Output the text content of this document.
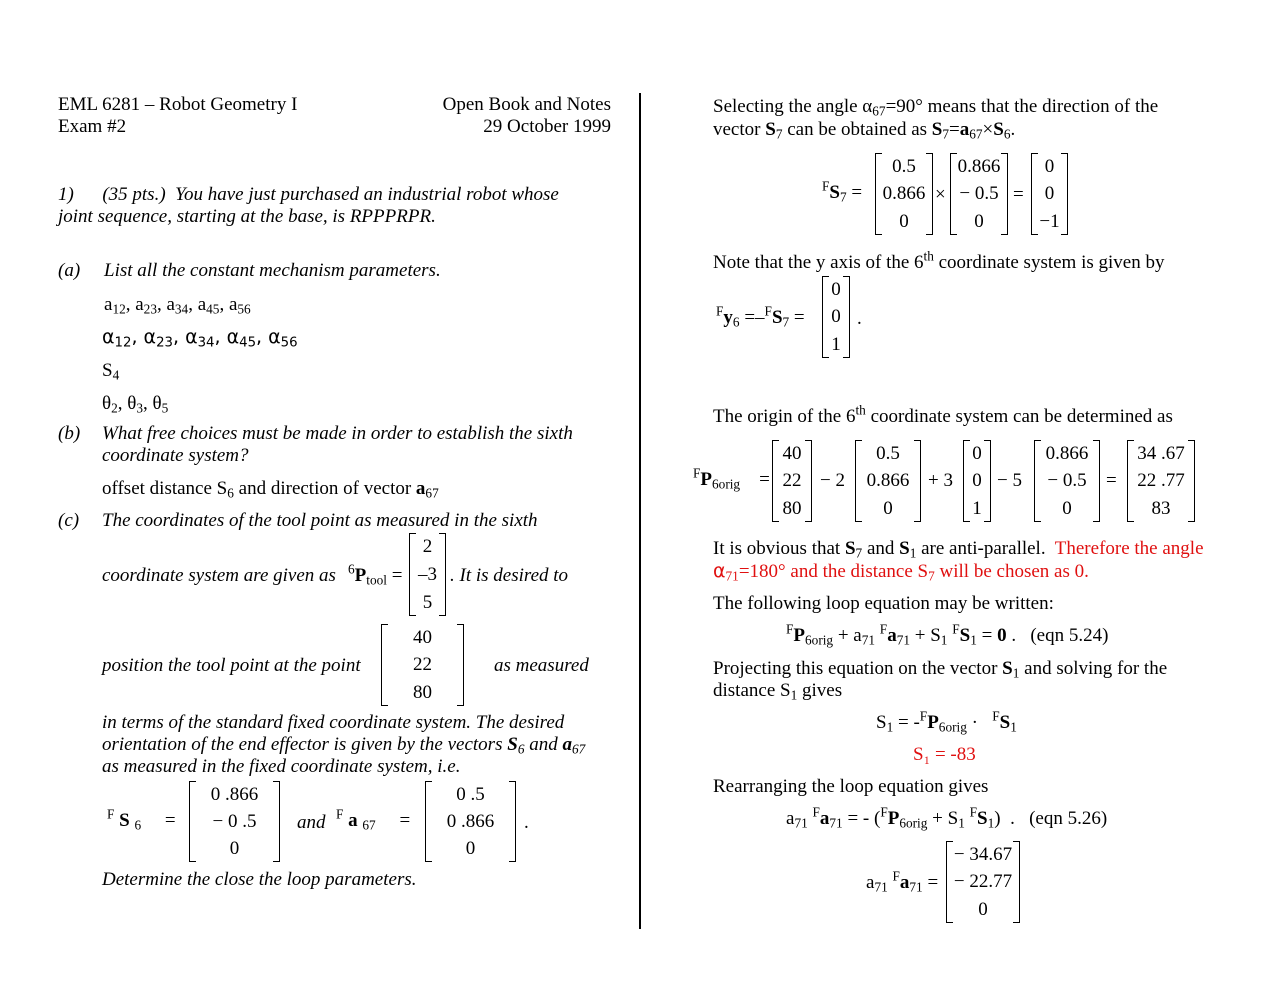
EML 6281 – Robot Geometry I
Exam #2
Open Book and Notes
29 October 1999
1) (35 pts.) You have just purchased an industrial robot whose
joint sequence, starting at the base, is RPPPRPR.
(a) List all the constant mechanism parameters.
$a_{12}$, $a_{23}$, $a_{34}$, $a_{45}$, $a_{56}$
$\alpha_{12}$, $\alpha_{23}$, $\alpha_{34}$, $\alpha_{45}$, $\alpha_{56}$
$S_4$
$\theta_2$, $\theta_3$, $\theta_5$
(b) What free choices must be made in order to establish the sixth
coordinate system?
offset distance $S_6$ and direction of vector $a_{67}$
(c) The coordinates of the tool point as measured in the sixth
coordinate system are given as $^6P_{tool}$ =
2
–3
5
. It is desired to
position the tool point at the point
40
22
80
as measured
in terms of the standard fixed coordinate system. The desired
orientation of the end effector is given by the vectors $S_6$ and $a_{67}$
as measured in the fixed coordinate system, i.e.
$^F$ S $_6$     =
0 .866
− 0 .5
0
and $^F$ a $_{67}$     =
0 .5
0 .866
0
.
Determine the close the loop parameters.
Selecting the angle $\alpha_{67}=90^\circ$ means that the direction of the
vector $S_7$ can be obtained as $S_7=a_{67}\times S_6$.
$^FS_7$ =
0.5
0.866
0
×
0.866
− 0.5
0
=
0
0
−1
Note that the y axis of the 6th coordinate system is given by
$^Fy_6 =-^FS_7$ =
0
0
1
.
The origin of the 6th coordinate system can be determined as
$^FP_{6orig}$    =
40
22
80
− 2
0.5
0.866
0
+ 3
0
0
1
− 5
0.866
− 0.5
0
=
34 .67
22 .77
83
It is obvious that $S_7$ and $S_1$ are anti-parallel. Therefore the angle
$\alpha_{71}=180^\circ$ and the distance $S_7$ will be chosen as 0.
The following loop equation may be written:
$^FP_{6orig} + a_{71}$ $^Fa_{71} + S_1$ $^FS_1 = 0$ .   (eqn 5.24)
Projecting this equation on the vector $S_1$ and solving for the
distance $S_1$ gives
$S_1 = -^FP_{6orig} \cdot ^FS_1$
S₁ = -83
Rearranging the loop equation gives
$a_{71}$ $^Fa_{71}$ = - ($^FP_{6orig} + S_1$ $^FS_1$)  .   (eqn 5.26)
$a_{71}$ $^Fa_{71}$ =
− 34.67
− 22.77
0
